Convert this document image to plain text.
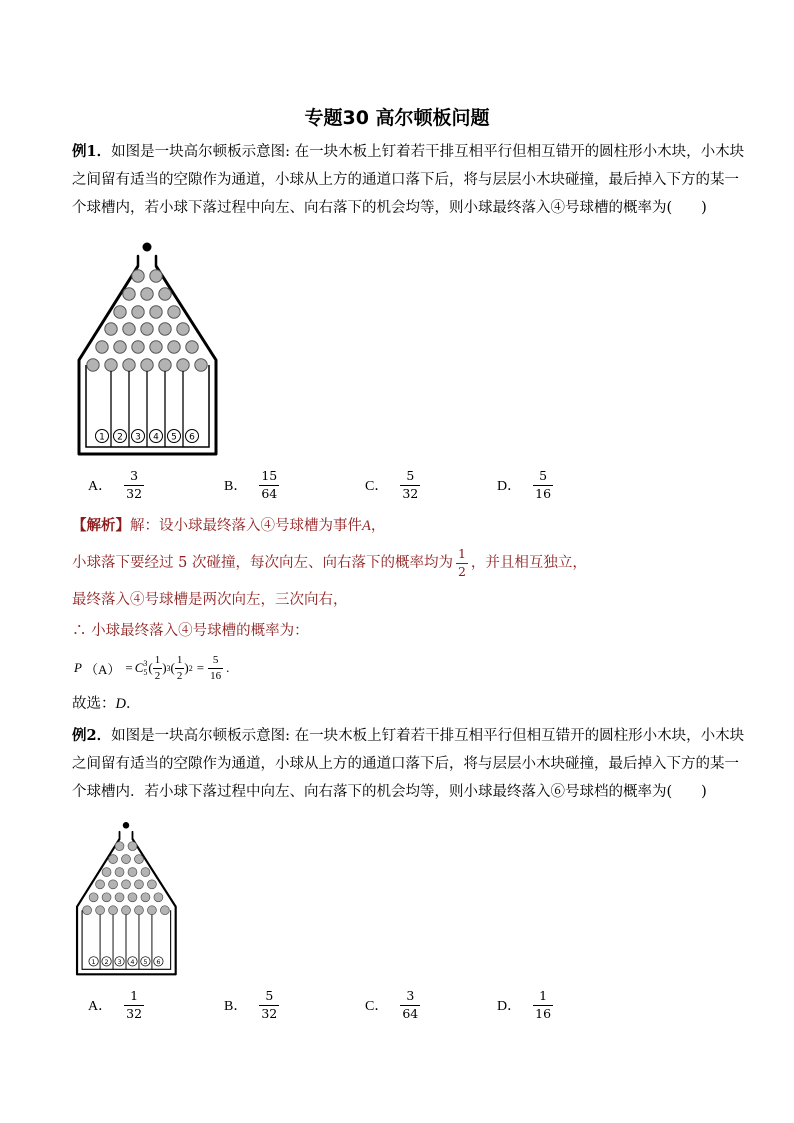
专题30 高尔顿板问题
例1．如图是一块高尔顿板示意图: 在一块木板上钉着若干排互相平行但相互错开的圆柱形小木块，小木块
之间留有适当的空隙作为通道，小球从上方的通道口落下后，将与层层小木块碰撞，最后掉入下方的某一
个球槽内，若小球下落过程中向左、向右落下的机会均等，则小球最终落入④号球槽的概率为(　　)
1 2 3 4 5 6
A． $\frac{3}{32}$	B． $\frac{15}{64}$	C． $\frac{5}{32}$	D． $\frac{5}{16}$
【解析】解：设小球最终落入④号球槽为事件A，
小球落下要经过 5 次碰撞，每次向左、向右落下的概率均为 $\frac{1}{2}$ ，并且相互独立，
最终落入④号球槽是两次向左，三次向右，
∴ 小球最终落入④号球槽的概率为：
P （A） = C 3
5 ( $\frac{1}{2}$ ) 3 ( $\frac{1}{2}$ ) $2 = \frac{5}{16}$ .
故选：D．
例2．如图是一块高尔顿板示意图: 在一块木板上钉着若干排互相平行但相互错开的圆柱形小木块，小木块
之间留有适当的空隙作为通道，小球从上方的通道口落下后，将与层层小木块碰撞，最后掉入下方的某一
个球槽内．若小球下落过程中向左、向右落下的机会均等，则小球最终落入⑥号球档的概率为(　　)
1 2 3 4 5 6
A． $\frac{1}{32}$	B． $\frac{5}{32}$	C． $\frac{3}{64}$	D． $\frac{1}{16}$
